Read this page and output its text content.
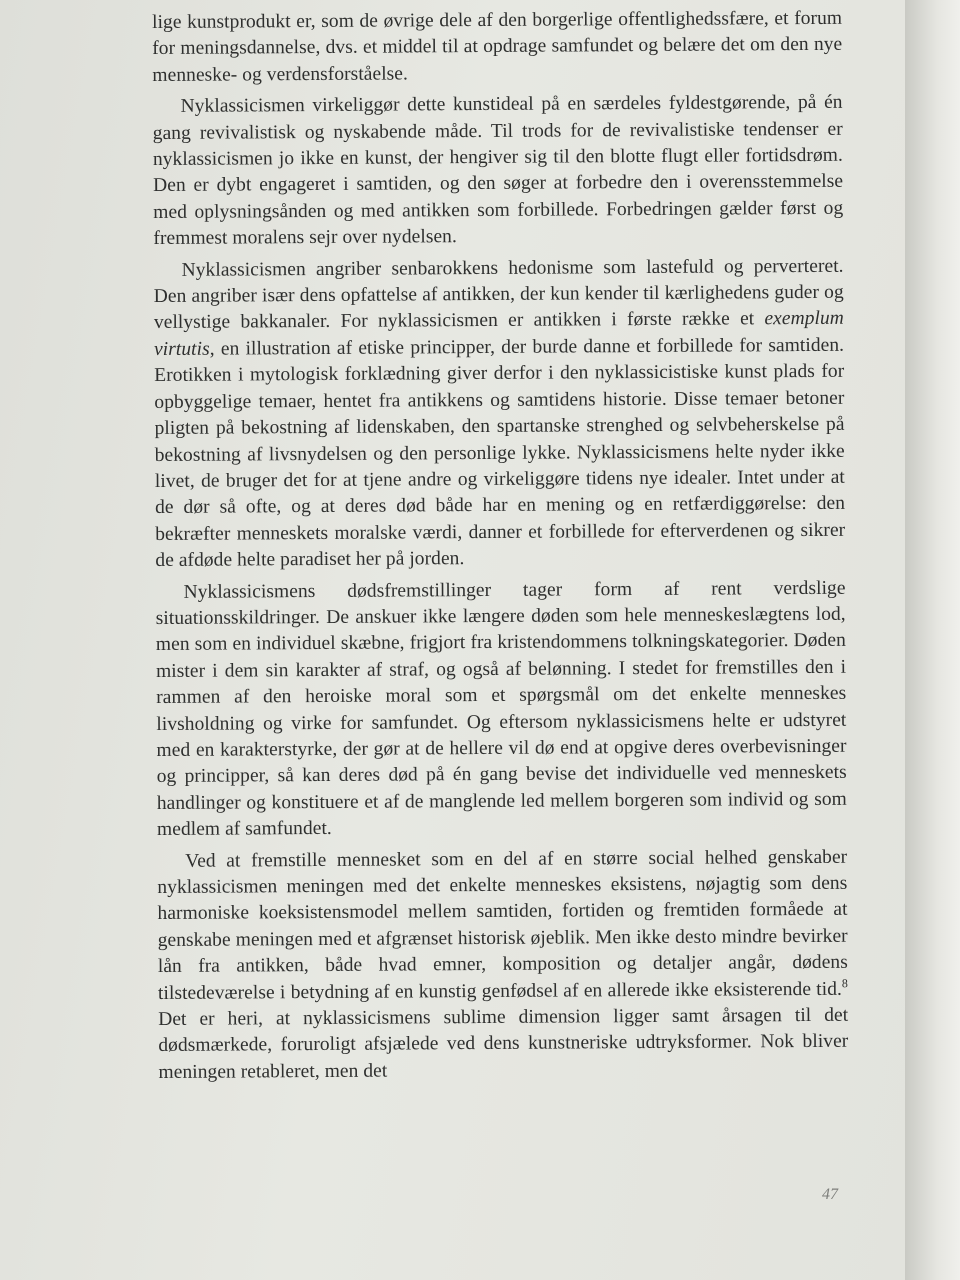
lige kunstprodukt er, som de øvrige dele af den borgerlige offentlighedssfære, et forum for meningsdannelse, dvs. et middel til at opdrage samfundet og belære det om den nye menneske- og verdensforståelse.

Nyklassicismen virkeliggør dette kunstideal på en særdeles fyldestgørende, på én gang revivalistisk og nyskabende måde. Til trods for de revivalistiske tendenser er nyklassicismen jo ikke en kunst, der hengiver sig til den blotte flugt eller fortidsdrøm. Den er dybt engageret i samtiden, og den søger at forbedre den i overensstemmelse med oplysningsånden og med antikken som forbillede. Forbedringen gælder først og fremmest moralens sejr over nydelsen.

Nyklassicismen angriber senbarokkens hedonisme som lastefuld og perverteret. Den angriber især dens opfattelse af antikken, der kun kender til kærlighedens guder og vellystige bakkanaler. For nyklassicismen er antikken i første række et exemplum virtutis, en illustration af etiske principper, der burde danne et forbillede for samtiden. Erotikken i mytologisk forklædning giver derfor i den nyklassicistiske kunst plads for opbyggelige temaer, hentet fra antikkens og samtidens historie. Disse temaer betoner pligten på bekostning af lidenskaben, den spartanske strenghed og selvbeherskelse på bekostning af livsnydelsen og den personlige lykke. Nyklassicismens helte nyder ikke livet, de bruger det for at tjene andre og virkeliggøre tidens nye idealer. Intet under at de dør så ofte, og at deres død både har en mening og en retfærdiggørelse: den bekræfter menneskets moralske værdi, danner et forbillede for efterverdenen og sikrer de afdøde helte paradiset her på jorden.

Nyklassicismens dødsfremstillinger tager form af rent verdslige situationsskildringer. De anskuer ikke længere døden som hele menneskeslægtens lod, men som en individuel skæbne, frigjort fra kristendommens tolkningskategorier. Døden mister i dem sin karakter af straf, og også af belønning. I stedet for fremstilles den i rammen af den heroiske moral som et spørgsmål om det enkelte menneskes livsholdning og virke for samfundet. Og eftersom nyklassicismens helte er udstyret med en karakterstyrke, der gør at de hellere vil dø end at opgive deres overbevisninger og principper, så kan deres død på én gang bevise det individuelle ved menneskets handlinger og konstituere et af de manglende led mellem borgeren som individ og som medlem af samfundet.

Ved at fremstille mennesket som en del af en større social helhed genskaber nyklassicismen meningen med det enkelte menneskes eksistens, nøjagtig som dens harmoniske koeksistensmodel mellem samtiden, fortiden og fremtiden formåede at genskabe meningen med et afgrænset historisk øjeblik. Men ikke desto mindre bevirker lån fra antikken, både hvad emner, komposition og detaljer angår, dødens tilstedeværelse i betydning af en kunstig genfødsel af en allerede ikke eksisterende tid.$^8$ Det er heri, at nyklassicismens sublime dimension ligger samt årsagen til det dødsmærkede, foruroligt afsjælede ved dens kunstneriske udtryksformer. Nok bliver meningen retableret, men det

47
